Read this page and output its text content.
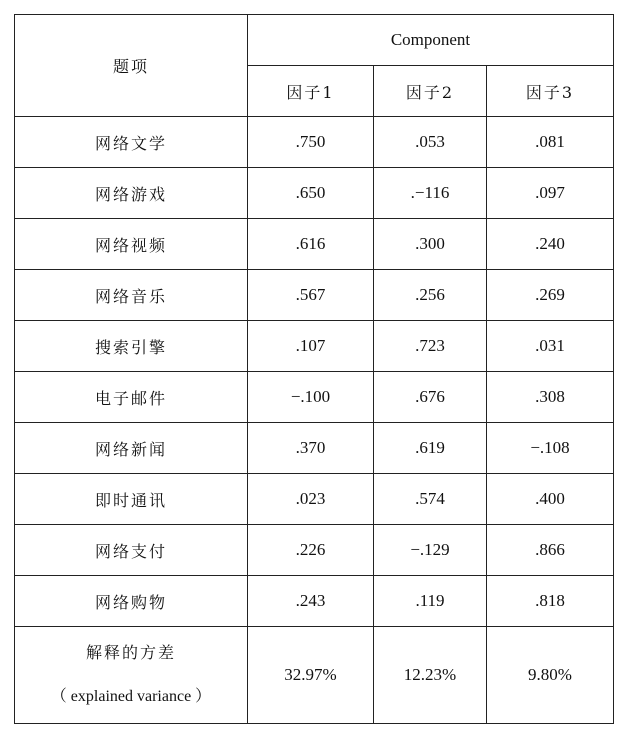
题项	Component		
	因子1	因子2	因子3
网络文学	.750	.053	.081
网络游戏	.650	.−116	.097
网络视频	.616	.300	.240
网络音乐	.567	.256	.269
搜索引擎	.107	.723	.031
电子邮件	−.100	.676	.308
网络新闻	.370	.619	−.108
即时通讯	.023	.574	.400
网络支付	.226	−.129	.866
网络购物	.243	.119	.818

解释的方差
（ explained variance ）	32.97%	12.23%	9.80%
